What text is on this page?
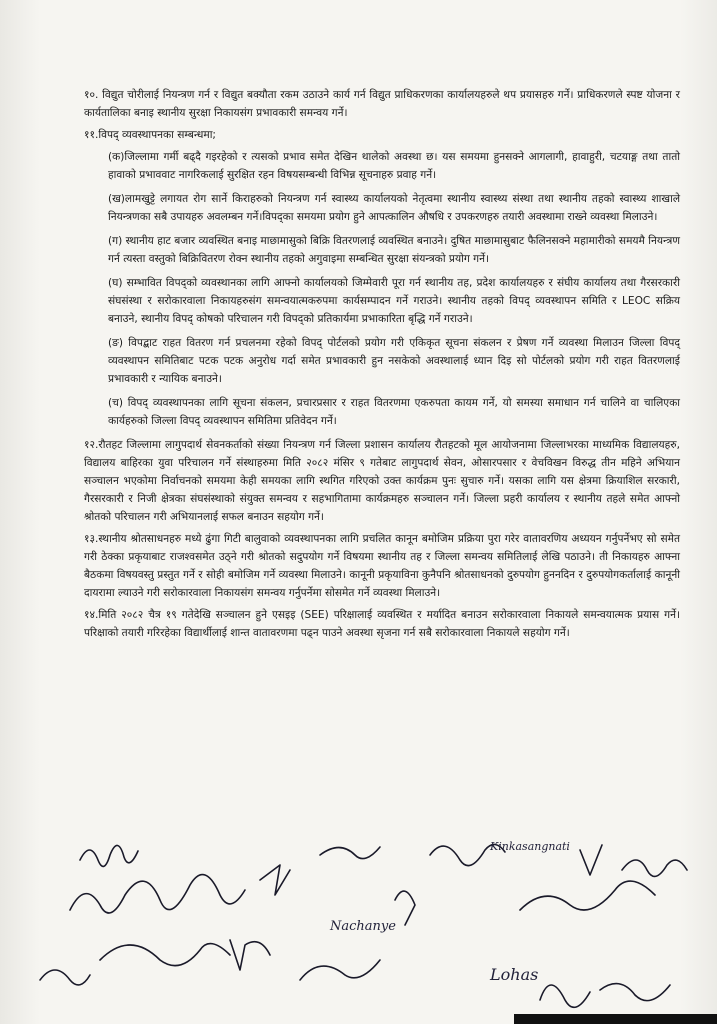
१०. विद्युत चोरीलाई नियन्त्रण गर्न र विद्युत बक्यौता रकम उठाउने कार्य गर्न विद्युत प्राधिकरणका कार्यालयहरुले थप प्रयासहरु गर्ने। प्राधिकरणले स्पष्ट योजना र कार्यतालिका बनाइ स्थानीय सुरक्षा निकायसंग प्रभावकारी समन्वय गर्ने।

११.विपद् व्यवस्थापनका सम्बन्धमा;

(क)जिल्लामा गर्मी बढ्दै गइरहेको र त्यसको प्रभाव समेत देखिन थालेको अवस्था छ। यस समयमा हुनसक्ने आगलागी, हावाहुरी, चटयाङ्ग तथा तातो हावाको प्रभाववाट नागरिकलाई सुरक्षित रहन विषयसम्बन्धी विभिन्न सूचनाहरु प्रवाह गर्ने।

(ख)लामखुट्टे लगायत रोग सार्ने किराहरुको नियन्त्रण गर्न स्वास्थ्य कार्यालयको नेतृत्वमा स्थानीय स्वास्थ्य संस्था तथा स्थानीय तहको स्वास्थ्य शाखाले नियन्त्रणका सबै उपायहरु अवलम्बन गर्ने।विपद्का समयमा प्रयोग हुने आपत्कालिन औषधि र उपकरणहरु तयारी अवस्थामा राख्ने व्यवस्था मिलाउने।

(ग) स्थानीय हाट बजार व्यवस्थित बनाइ माछामासुको बिक्रि वितरणलाई व्यवस्थित बनाउने। दुषित माछामासुबाट फैलिनसक्ने महामारीको समयमै नियन्त्रण गर्न त्यस्ता वस्तुको बिक्रिवितरण रोक्न स्थानीय तहको अगुवाइमा सम्बन्धित सुरक्षा संयन्त्रको प्रयोग गर्ने।

(घ) सम्भावित विपद्को व्यवस्थानका लागि आफ्नो कार्यालयको जिम्मेवारी पूरा गर्न स्थानीय तह, प्रदेश कार्यालयहरु र संघीय कार्यालय तथा गैरसरकारी संघसंस्था र सरोकारवाला निकायहरुसंग समन्वयात्मकरुपमा कार्यसम्पादन गर्ने गराउने। स्थानीय तहको विपद् व्यवस्थापन समिति र LEOC सक्रिय बनाउने, स्थानीय विपद् कोषको परिचालन गरी विपद्को प्रतिकार्यमा प्रभाकारिता बृद्धि गर्ने गराउने।

(ङ) विपद्बाट राहत वितरण गर्न प्रचलनमा रहेको विपद् पोर्टलको प्रयोग गरी एकिकृत सूचना संकलन र प्रेषण गर्ने व्यवस्था मिलाउन जिल्ला विपद् व्यवस्थापन समितिबाट पटक पटक अनुरोध गर्दा समेत प्रभावकारी हुन नसकेको अवस्थालाई ध्यान दिइ सो पोर्टलको प्रयोग गरी राहत वितरणलाई प्रभावकारी र न्यायिक बनाउने।

(च) विपद् व्यवस्थापनका लागि सूचना संकलन, प्रचारप्रसार र राहत वितरणमा एकरुपता कायम गर्ने, यो समस्या समाधान गर्न चालिने वा चालिएका कार्यहरुको जिल्ला विपद् व्यवस्थापन समितिमा प्रतिवेदन गर्ने।

१२.रौतहट जिल्लामा लागुपदार्थ सेवनकर्ताको संख्या नियन्त्रण गर्न जिल्ला प्रशासन कार्यालय रौतहटको मूल आयोजनामा जिल्लाभरका माध्यमिक विद्यालयहरु, विद्यालय बाहिरका युवा परिचालन गर्ने संस्थाहरुमा मिति २०८२ मंसिर ९ गतेबाट लागुपदार्थ सेवन, ओसारपसार र वेचविखन विरुद्ध तीन महिने अभियान सञ्चालन भएकोमा निर्वाचनको समयमा केही समयका लागि स्थगित गरिएको उक्त कार्यक्रम पुनः सुचारु गर्ने। यसका लागि यस क्षेत्रमा क्रियाशिल सरकारी, गैरसरकारी र निजी क्षेत्रका संघसंस्थाको संयुक्त समन्वय र सहभागितामा कार्यक्रमहरु सञ्चालन गर्ने। जिल्ला प्रहरी कार्यालय र स्थानीय तहले समेत आफ्नो श्रोतको परिचालन गरी अभियानलाई सफल बनाउन सहयोग गर्ने।

१३.स्थानीय श्रोतसाधनहरु मध्ये ढुंगा गिटी बालुवाको व्यवस्थापनका लागि प्रचलित कानून बमोजिम प्रक्रिया पुरा गरेर वातावरणिय अध्ययन गर्नुपर्नेभए सो समेत गरी ठेक्का प्रकृयाबाट राजश्वसमेत उठ्ने गरी श्रोतको सदुपयोग गर्ने विषयमा स्थानीय तह र जिल्ला समन्वय समितिलाई लेखि पठाउने। ती निकायहरु आफ्ना बैठकमा विषयवस्तु प्रस्तुत गर्ने र सोही बमोजिम गर्ने व्यवस्था मिलाउने। कानूनी प्रकृयाविना कुनैपनि श्रोतसाधनको दुरुपयोग हुननदिन र दुरुपयोगकर्तालाई कानूनी दायरामा ल्याउने गरी सरोकारवाला निकायसंग समन्वय गर्नुपर्नेमा सोसमेत गर्ने व्यवस्था मिलाउने।

१४.मिति २०८२ चैत्र १९ गतेदेखि सञ्चालन हुने एसइइ (SEE) परिक्षालाई व्यवस्थित र मर्यादित बनाउन सरोकारवाला निकायले समन्वयात्मक प्रयास गर्ने। परिक्षाको तयारी गरिरहेका विद्यार्थीलाई शान्त वातावरणमा पढ्न पाउने अवस्था सृजना गर्न सबै सरोकारवाला निकायले सहयोग गर्ने।

Nachanye
Kinkasangnati
Lohas
